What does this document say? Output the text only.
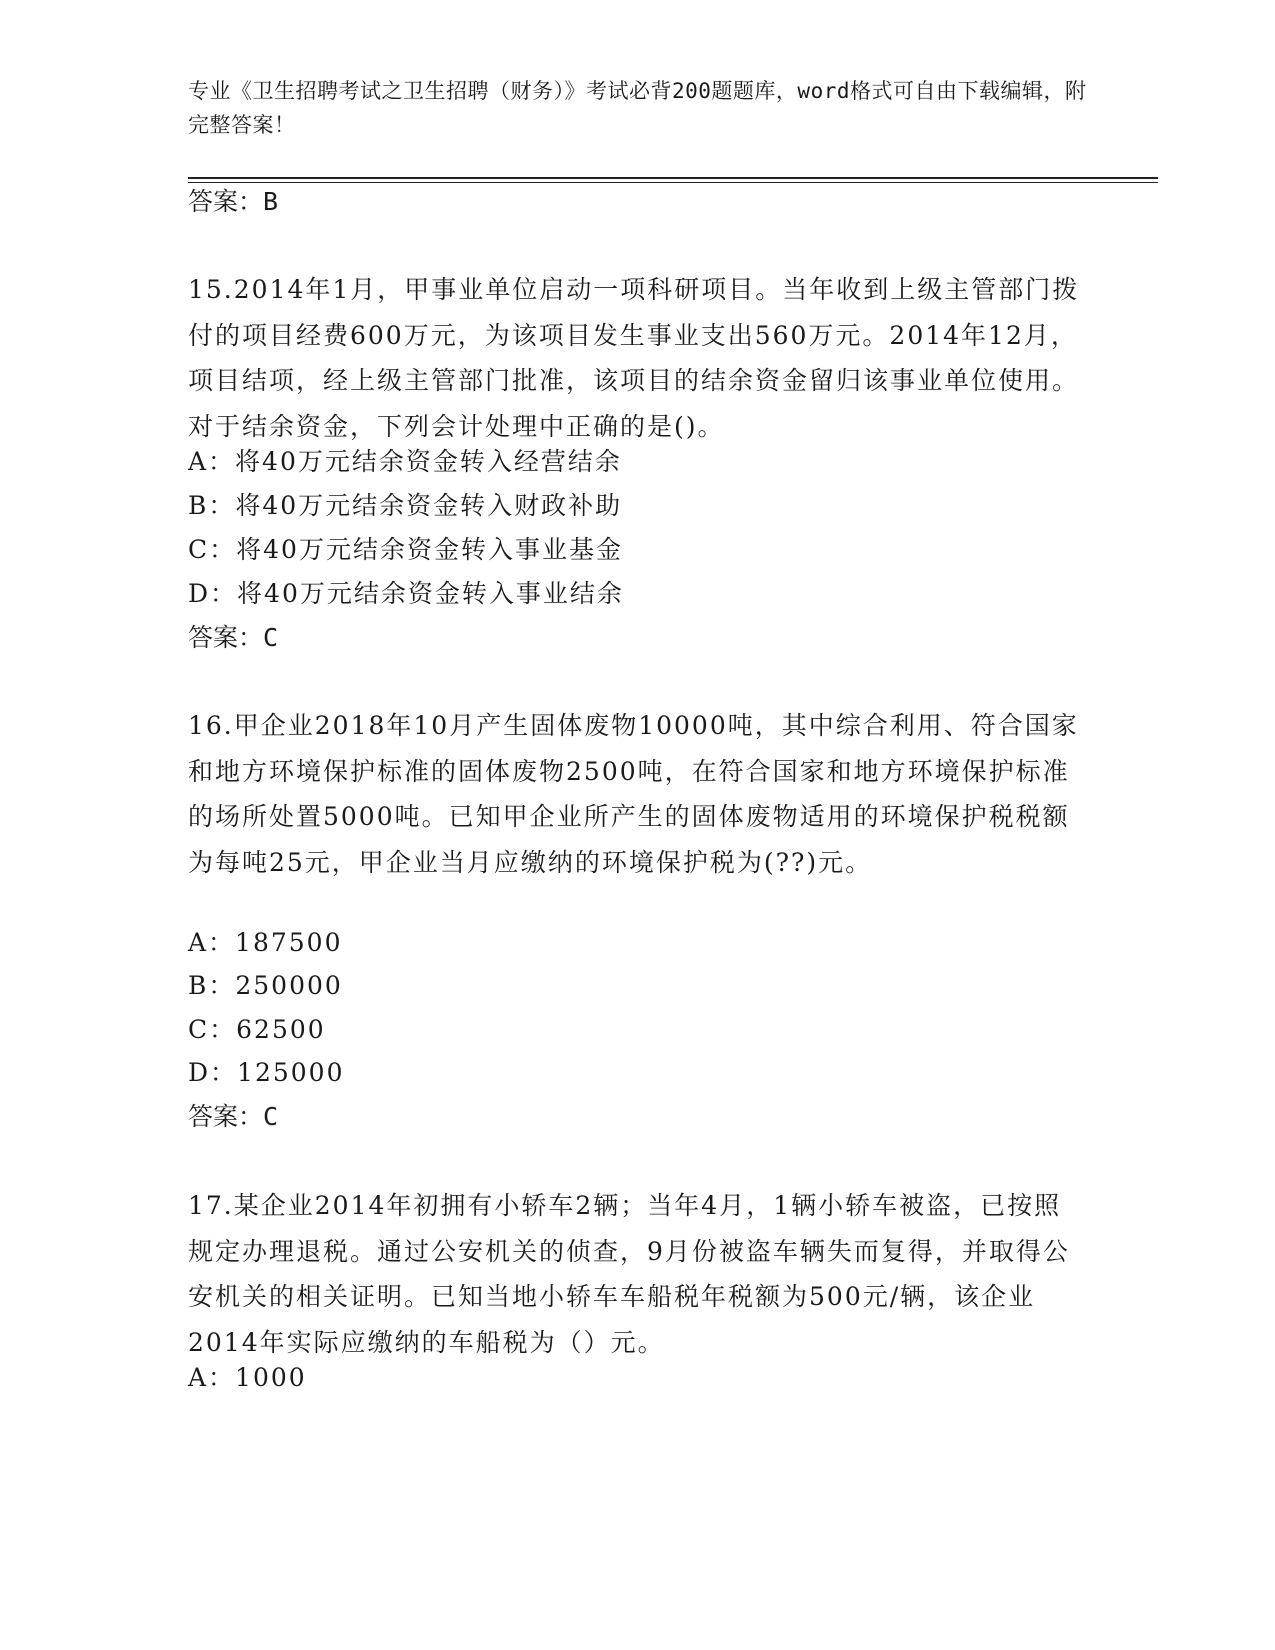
专业《卫生招聘考试之卫生招聘（财务）》考试必背200题题库，word格式可自由下载编辑，附完整答案！
答案：B

15.2014年1月，甲事业单位启动一项科研项目。当年收到上级主管部门拨付的项目经费600万元，为该项目发生事业支出560万元。2014年12月，项目结项，经上级主管部门批准，该项目的结余资金留归该事业单位使用。对于结余资金，下列会计处理中正确的是()。

A：将40万元结余资金转入经营结余
B：将40万元结余资金转入财政补助
C：将40万元结余资金转入事业基金
D：将40万元结余资金转入事业结余
答案：C

16.甲企业2018年10月产生固体废物10000吨，其中综合利用、符合国家和地方环境保护标准的固体废物2500吨，在符合国家和地方环境保护标准的场所处置5000吨。已知甲企业所产生的固体废物适用的环境保护税税额为每吨25元，甲企业当月应缴纳的环境保护税为(??)元。

A：187500
B：250000
C：62500
D：125000
答案：C

17.某企业2014年初拥有小轿车2辆；当年4月，1辆小轿车被盗，已按照规定办理退税。通过公安机关的侦查，9月份被盗车辆失而复得，并取得公安机关的相关证明。已知当地小轿车车船税年税额为500元/辆，该企业2014年实际应缴纳的车船税为（）元。

A：1000
